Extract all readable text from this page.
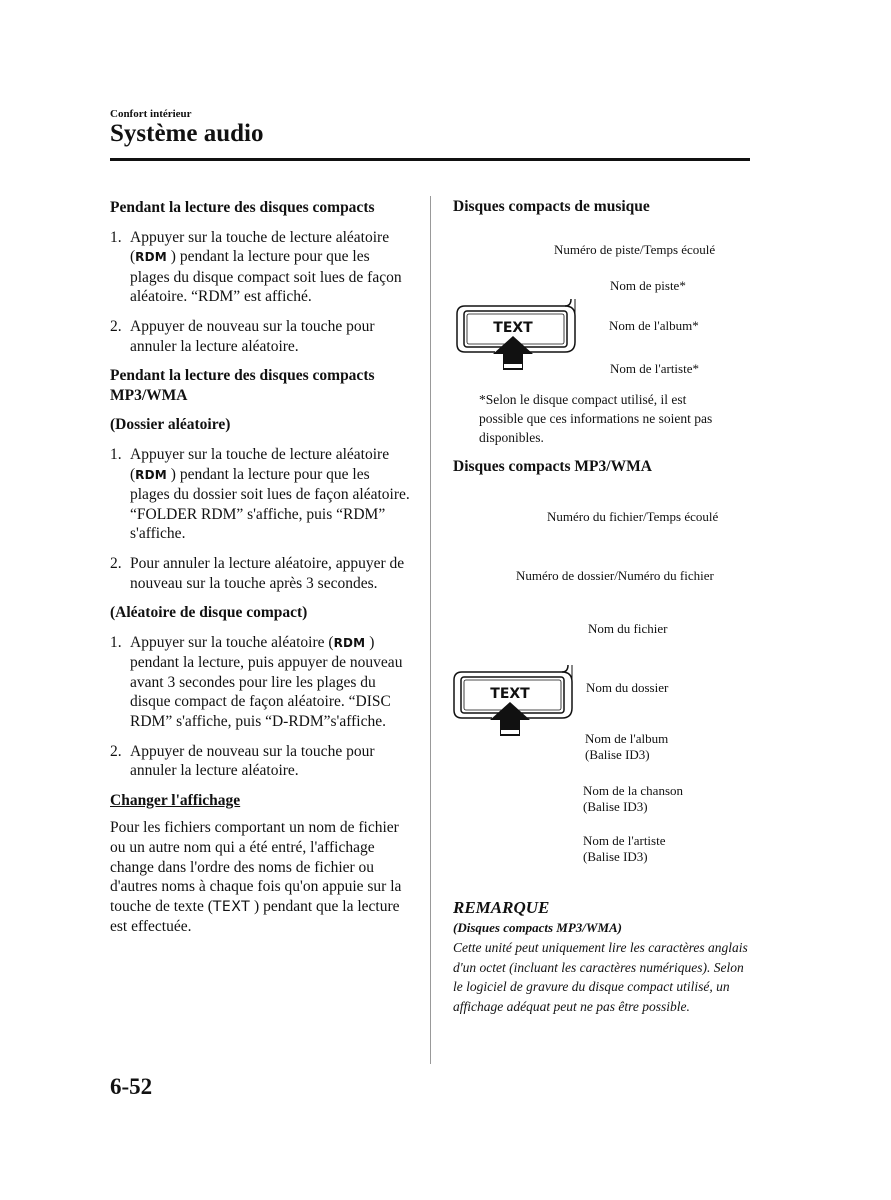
Confort intérieur
Système audio
Pendant la lecture des disques compacts
1. Appuyer sur la touche de lecture aléatoire (RDM ) pendant la lecture pour que les plages du disque compact soit lues de façon aléatoire. “RDM” est affiché.
2. Appuyer de nouveau sur la touche pour annuler la lecture aléatoire.
Pendant la lecture des disques compacts MP3/WMA
(Dossier aléatoire)
1. Appuyer sur la touche de lecture aléatoire (RDM ) pendant la lecture pour que les plages du dossier soit lues de façon aléatoire. “FOLDER RDM” s'affiche, puis “RDM” s'affiche.
2. Pour annuler la lecture aléatoire, appuyer de nouveau sur la touche après 3 secondes.
(Aléatoire de disque compact)
1. Appuyer sur la touche aléatoire (RDM ) pendant la lecture, puis appuyer de nouveau avant 3 secondes pour lire les plages du disque compact de façon aléatoire. “DISC RDM” s'affiche, puis “D-RDM”s'affiche.
2. Appuyer de nouveau sur la touche pour annuler la lecture aléatoire.
Changer l'affichage

Pour les fichiers comportant un nom de fichier ou un autre nom qui a été entré, l'affichage change dans l'ordre des noms de fichier ou d'autres noms à chaque fois qu'on appuie sur la touche de texte (TEXT ) pendant que la lecture est effectuée.

Disques compacts de musique
Numéro de piste/Temps écoulé
Nom de piste*
Nom de l'album*
Nom de l'artiste*
TEXT
*Selon le disque compact utilisé, il est possible que ces informations ne soient pas disponibles.
Disques compacts MP3/WMA
Numéro du fichier/Temps écoulé
Numéro de dossier/Numéro du fichier
Nom du fichier
Nom du dossier
Nom de l'album
(Balise ID3)
Nom de la chanson
(Balise ID3)
Nom de l'artiste
(Balise ID3)
TEXT
REMARQUE
(Disques compacts MP3/WMA)
Cette unité peut uniquement lire les caractères anglais d'un octet (incluant les caractères numériques). Selon le logiciel de gravure du disque compact utilisé, un affichage adéquat peut ne pas être possible.
6-52
